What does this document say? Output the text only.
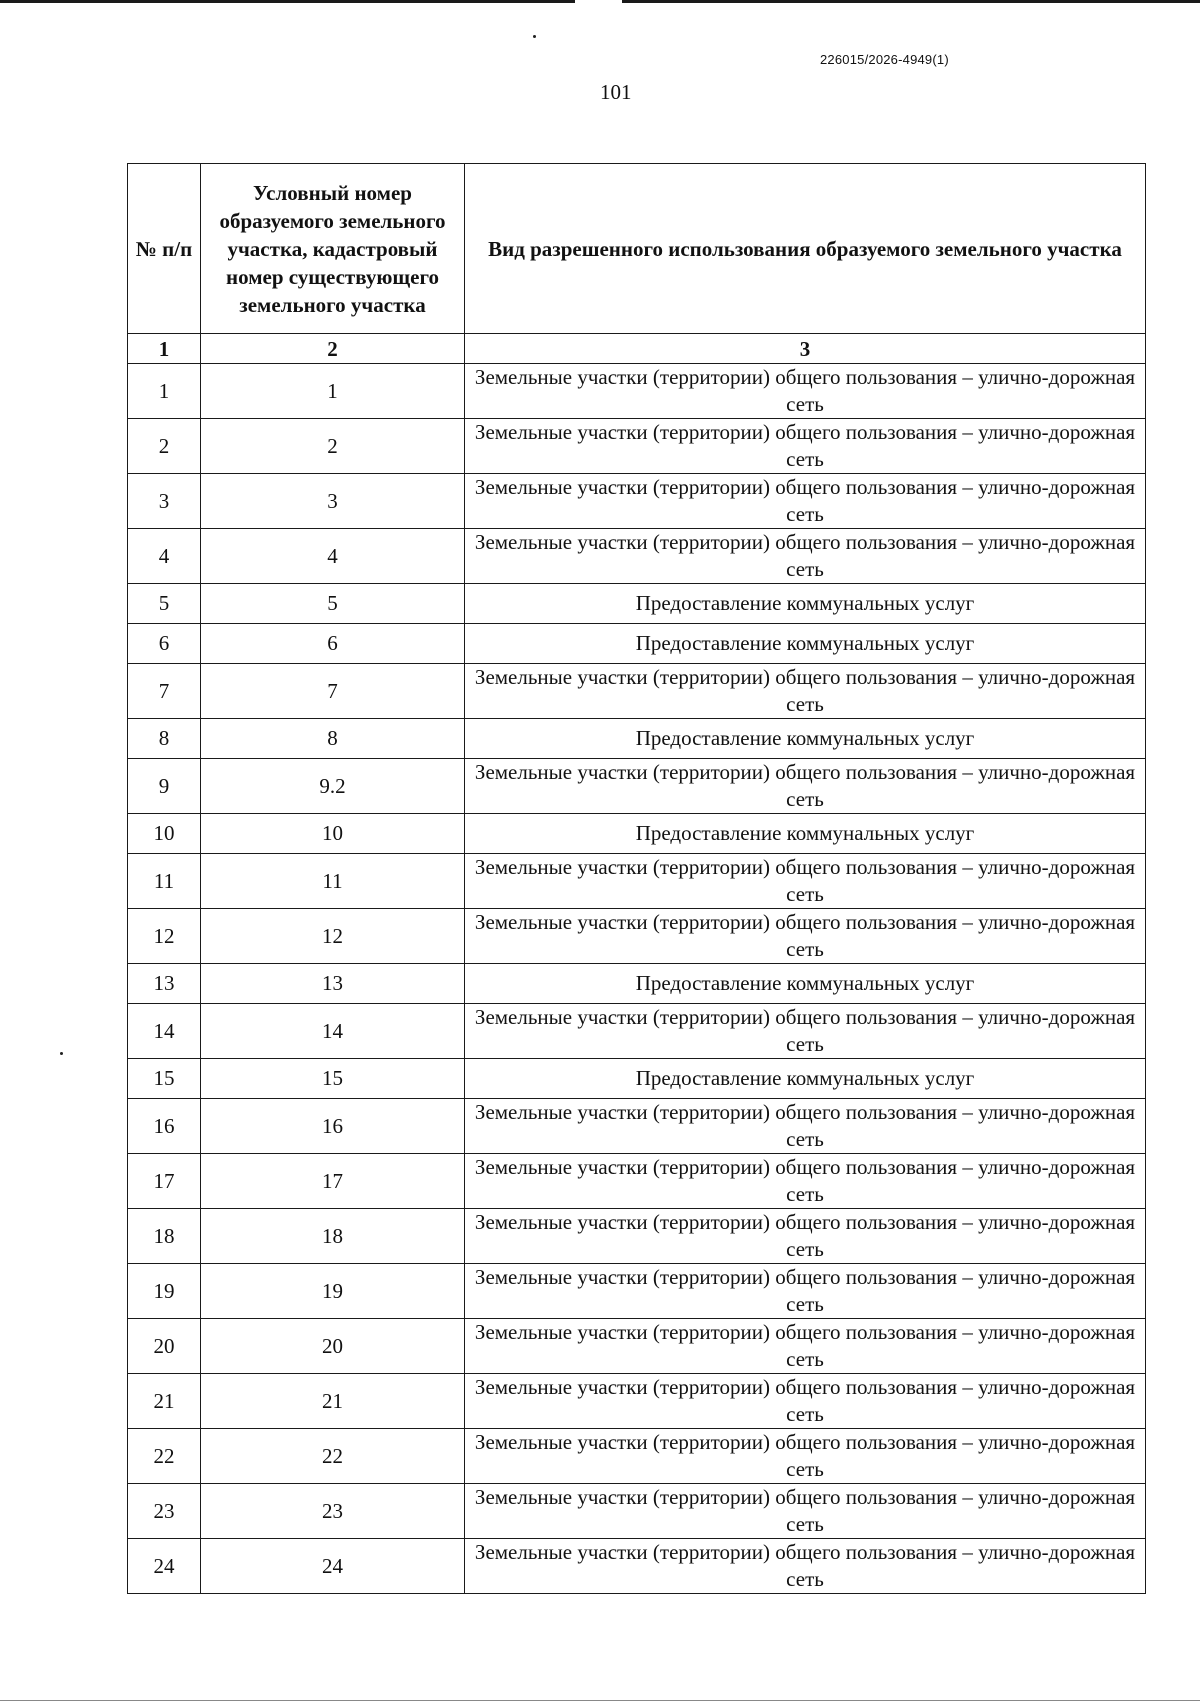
226015/2026-4949(1)
101
№ п/п	Условный номер образуемого земельного участка, кадастровый номер существующего земельного участка	Вид разрешенного использования образуемого земельного участка
1	2	3
1	1	Земельные участки (территории) общего пользования – улично-дорожная сеть
2	2	Земельные участки (территории) общего пользования – улично-дорожная сеть
3	3	Земельные участки (территории) общего пользования – улично-дорожная сеть
4	4	Земельные участки (территории) общего пользования – улично-дорожная сеть
5	5	Предоставление коммунальных услуг
6	6	Предоставление коммунальных услуг
7	7	Земельные участки (территории) общего пользования – улично-дорожная сеть
8	8	Предоставление коммунальных услуг
9	9.2	Земельные участки (территории) общего пользования – улично-дорожная сеть
10	10	Предоставление коммунальных услуг
11	11	Земельные участки (территории) общего пользования – улично-дорожная сеть
12	12	Земельные участки (территории) общего пользования – улично-дорожная сеть
13	13	Предоставление коммунальных услуг
14	14	Земельные участки (территории) общего пользования – улично-дорожная сеть
15	15	Предоставление коммунальных услуг
16	16	Земельные участки (территории) общего пользования – улично-дорожная сеть
17	17	Земельные участки (территории) общего пользования – улично-дорожная сеть
18	18	Земельные участки (территории) общего пользования – улично-дорожная сеть
19	19	Земельные участки (территории) общего пользования – улично-дорожная сеть
20	20	Земельные участки (территории) общего пользования – улично-дорожная сеть
21	21	Земельные участки (территории) общего пользования – улично-дорожная сеть
22	22	Земельные участки (территории) общего пользования – улично-дорожная сеть
23	23	Земельные участки (территории) общего пользования – улично-дорожная сеть
24	24	Земельные участки (территории) общего пользования – улично-дорожная сеть
